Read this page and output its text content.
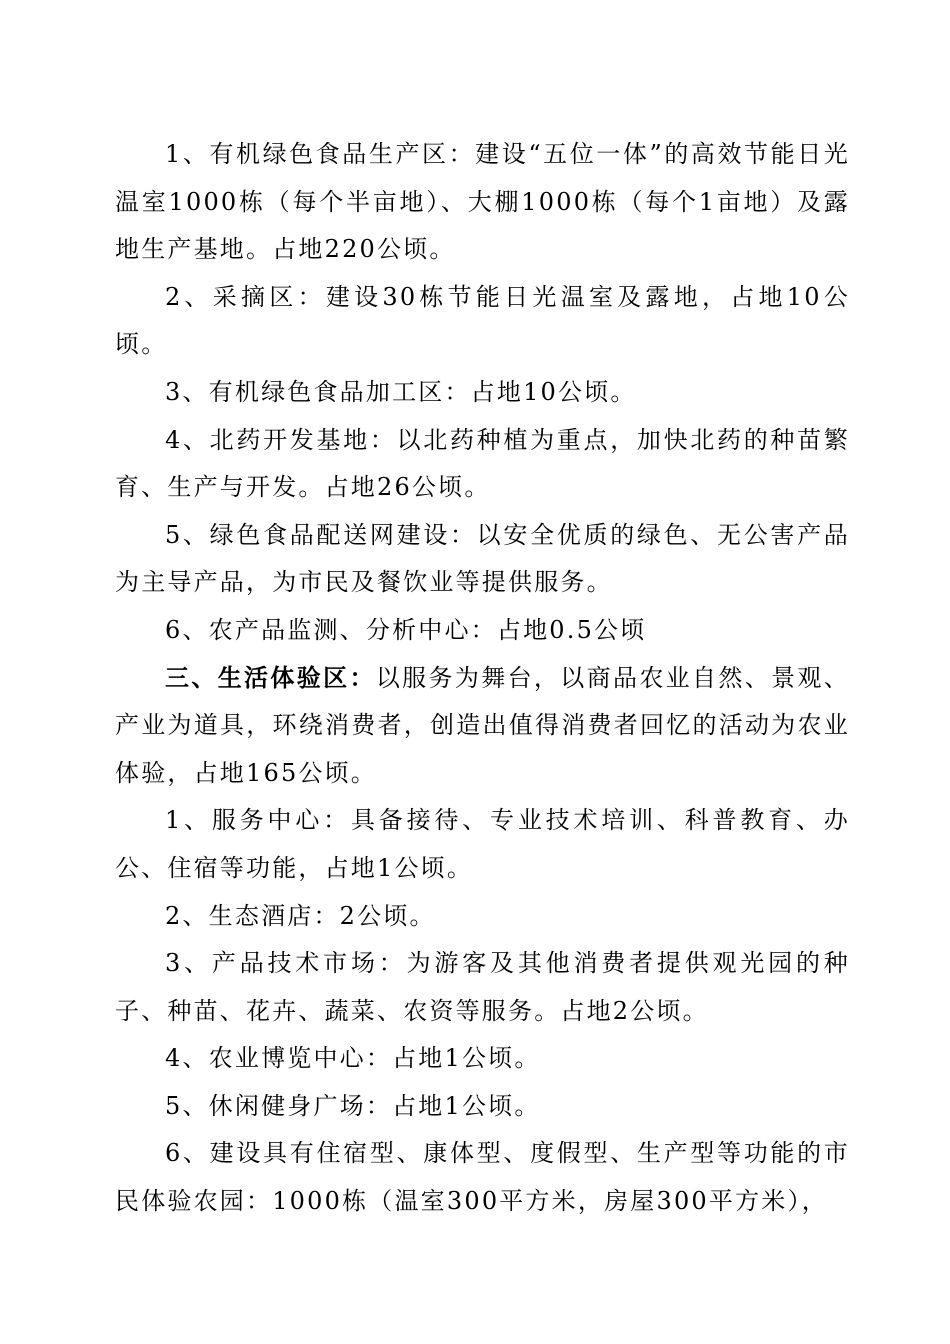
1、有机绿色食品生产区：建设“五位一体”的高效节能日光温室1000栋（每个半亩地）、大棚1000栋（每个1亩地）及露地生产基地。占地220公顷。

2、采摘区：建设30栋节能日光温室及露地，占地10公顷。

3、有机绿色食品加工区：占地10公顷。

4、北药开发基地：以北药种植为重点，加快北药的种苗繁育、生产与开发。占地26公顷。

5、绿色食品配送网建设：以安全优质的绿色、无公害产品为主导产品，为市民及餐饮业等提供服务。

6、农产品监测、分析中心：占地0.5公顷

三、生活体验区：以服务为舞台，以商品农业自然、景观、产业为道具，环绕消费者，创造出值得消费者回忆的活动为农业体验，占地165公顷。

1、服务中心：具备接待、专业技术培训、科普教育、办公、住宿等功能，占地1公顷。

2、生态酒店：2公顷。

3、产品技术市场：为游客及其他消费者提供观光园的种子、种苗、花卉、蔬菜、农资等服务。占地2公顷。

4、农业博览中心：占地1公顷。

5、休闲健身广场：占地1公顷。

6、建设具有住宿型、康体型、度假型、生产型等功能的市民体验农园：1000栋（温室300平方米，房屋300平方米），
